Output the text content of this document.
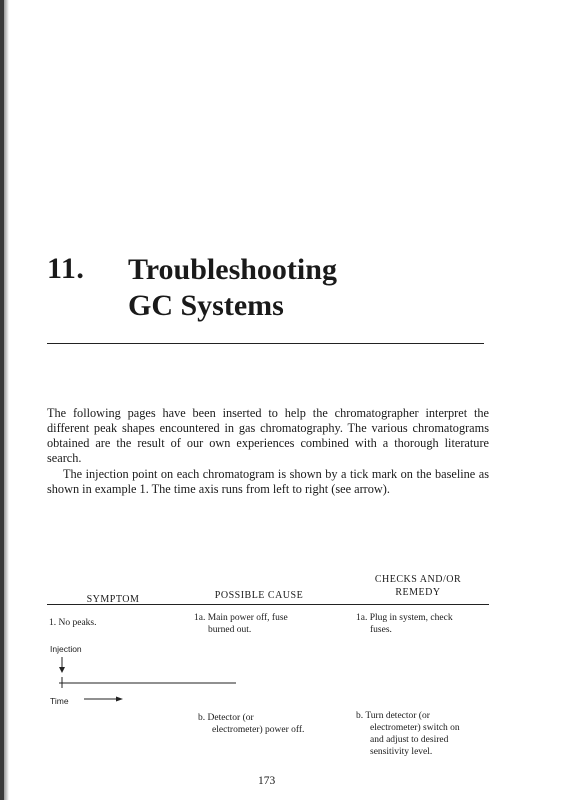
11. Troubleshooting
GC Systems

The following pages have been inserted to help the chromatographer interpret the different peak shapes encountered in gas chromatography. The various chromatograms obtained are the result of our own experiences combined with a thorough literature search.

The injection point on each chromatogram is shown by a tick mark on the baseline as shown in example 1. The time axis runs from left to right (see arrow).

SYMPTOM	POSSIBLE CAUSE
CHECKS AND/OR
REMEDY
1. No peaks.	1a. Main power off, fuse
burned out.
1a. Plug in system, check
fuses.
Injection
Time
b. Detector (or
electrometer) power off.
b. Turn detector (or
electrometer) switch on
and adjust to desired
sensitivity level.
173
